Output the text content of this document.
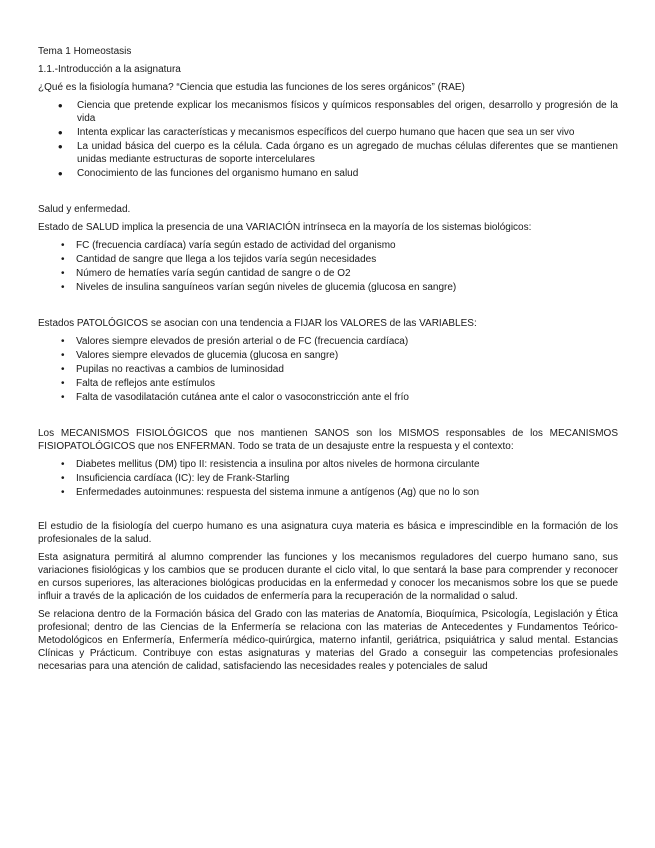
Tema 1 Homeostasis

1.1.-Introducción a la asignatura

¿Qué es la fisiología humana? “Ciencia que estudia las funciones de los seres orgánicos” (RAE)

• Ciencia que pretende explicar los mecanismos físicos y químicos responsables del origen, desarrollo y progresión de la vida
• Intenta explicar las características y mecanismos específicos del cuerpo humano que hacen que sea un ser vivo
• La unidad básica del cuerpo es la célula. Cada órgano es un agregado de muchas células diferentes que se mantienen unidas mediante estructuras de soporte intercelulares
• Conocimiento de las funciones del organismo humano en salud

Salud y enfermedad.

Estado de SALUD implica la presencia de una VARIACIÓN intrínseca en la mayoría de los sistemas biológicos:

• FC (frecuencia cardíaca) varía según estado de actividad del organismo
• Cantidad de sangre que llega a los tejidos varía según necesidades
• Número de hematíes varía según cantidad de sangre o de O2
• Niveles de insulina sanguíneos varían según niveles de glucemia (glucosa en sangre)

Estados PATOLÓGICOS se asocian con una tendencia a FIJAR los VALORES de las VARIABLES:

• Valores siempre elevados de presión arterial o de FC (frecuencia cardíaca)
• Valores siempre elevados de glucemia (glucosa en sangre)
• Pupilas no reactivas a cambios de luminosidad
• Falta de reflejos ante estímulos
• Falta de vasodilatación cutánea ante el calor o vasoconstricción ante el frío

Los MECANISMOS FISIOLÓGICOS que nos mantienen SANOS son los MISMOS responsables de los MECANISMOS FISIOPATOLÓGICOS que nos ENFERMAN. Todo se trata de un desajuste entre la respuesta y el contexto:

• Diabetes mellitus (DM) tipo II: resistencia a insulina por altos niveles de hormona circulante
• Insuficiencia cardíaca (IC): ley de Frank-Starling
• Enfermedades autoinmunes: respuesta del sistema inmune a antígenos (Ag) que no lo son

El estudio de la fisiología del cuerpo humano es una asignatura cuya materia es básica e imprescindible en la formación de los profesionales de la salud.

Esta asignatura permitirá al alumno comprender las funciones y los mecanismos reguladores del cuerpo humano sano, sus variaciones fisiológicas y los cambios que se producen durante el ciclo vital, lo que sentará la base para comprender y reconocer en cursos superiores, las alteraciones biológicas producidas en la enfermedad y conocer los mecanismos sobre los que se puede influir a través de la aplicación de los cuidados de enfermería para la recuperación de la normalidad o salud.

Se relaciona dentro de la Formación básica del Grado con las materias de Anatomía, Bioquímica, Psicología, Legislación y Ética profesional; dentro de las Ciencias de la Enfermería se relaciona con las materias de Antecedentes y Fundamentos Teórico-Metodológicos en Enfermería, Enfermería médico-quirúrgica, materno infantil, geriátrica, psiquiátrica y salud mental. Estancias Clínicas y Prácticum. Contribuye con estas asignaturas y materias del Grado a conseguir las competencias profesionales necesarias para una atención de calidad, satisfaciendo las necesidades reales y potenciales de salud
